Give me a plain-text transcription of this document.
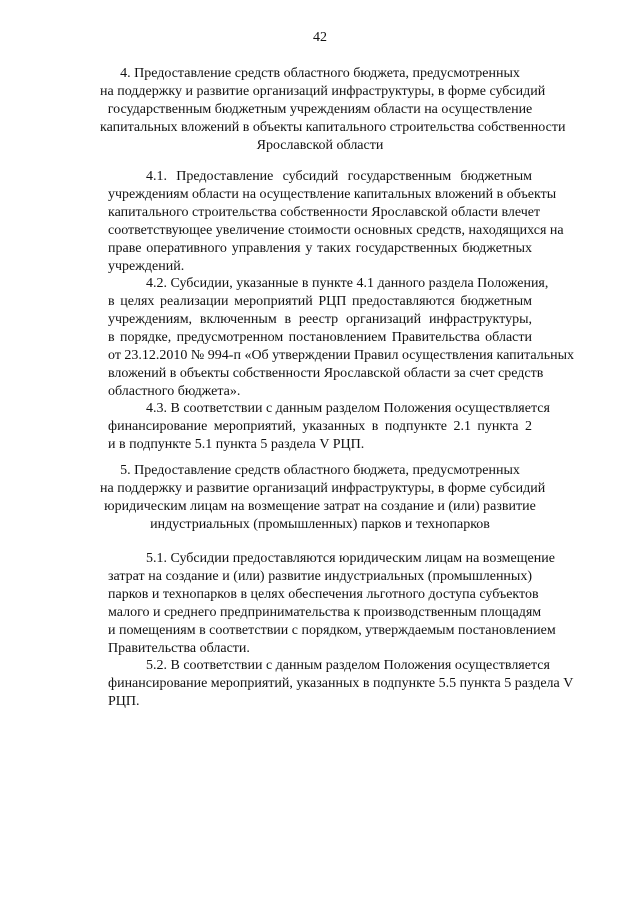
42
4. Предоставление средств областного бюджета, предусмотренных
на поддержку и развитие организаций инфраструктуры, в форме субсидий
государственным бюджетным учреждениям области на осуществление
капитальных вложений в объекты капитального строительства собственности
Ярославской области
4.1. Предоставление субсидий государственным бюджетным
учреждениям области на осуществление капитальных вложений в объекты
капитального строительства собственности Ярославской области влечет
соответствующее увеличение стоимости основных средств, находящихся на
праве оперативного управления у таких государственных бюджетных
учреждений.
4.2. Субсидии, указанные в пункте 4.1 данного раздела Положения,
в целях реализации мероприятий РЦП предоставляются бюджетным
учреждениям, включенным в реестр организаций инфраструктуры,
в порядке, предусмотренном постановлением Правительства области
от 23.12.2010 № 994-п «Об утверждении Правил осуществления капитальных
вложений в объекты собственности Ярославской области за счет средств
областного бюджета».
4.3. В соответствии с данным разделом Положения осуществляется
финансирование мероприятий, указанных в подпункте 2.1 пункта 2
и в подпункте 5.1 пункта 5 раздела V РЦП.
5. Предоставление средств областного бюджета, предусмотренных
на поддержку и развитие организаций инфраструктуры, в форме субсидий
юридическим лицам на возмещение затрат на создание и (или) развитие
индустриальных (промышленных) парков и технопарков
5.1. Субсидии предоставляются юридическим лицам на возмещение
затрат на создание и (или) развитие индустриальных (промышленных)
парков и технопарков в целях обеспечения льготного доступа субъектов
малого и среднего предпринимательства к производственным площадям
и помещениям в соответствии с порядком, утверждаемым постановлением
Правительства области.
5.2. В соответствии с данным разделом Положения осуществляется
финансирование мероприятий, указанных в подпункте 5.5 пункта 5 раздела V
РЦП.
